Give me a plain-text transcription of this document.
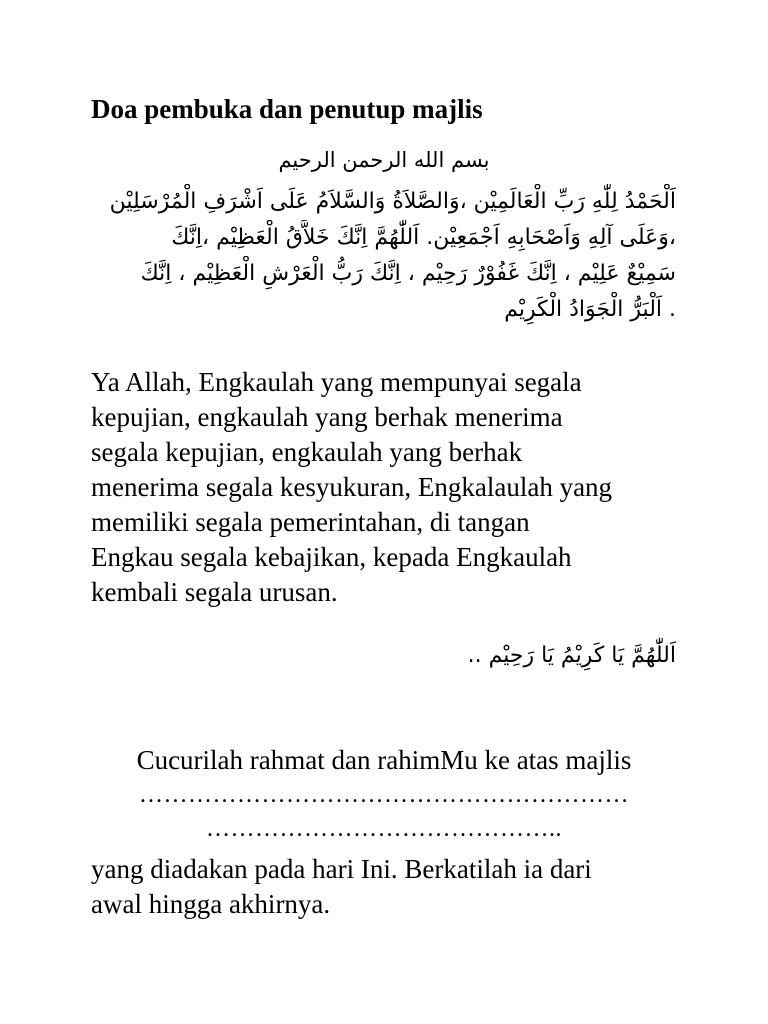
Doa pembuka dan penutup majlis
بسم الله الرحمن الرحيم
اَلْحَمْدُ لِلّٰهِ رَبِّ الْعَالَمِيْن ،وَالصَّلاَةُ وَالسَّلاَمُ عَلَى اَشْرَفِ الْمُرْسَلِيْن
،وَعَلَى آلِهِ وَاَصْحَابِهِ اَجْمَعِيْن. اَللّٰهُمَّ اِنَّكَ خَلاَّقُ الْعَظِيْم ،اِنَّكَ
سَمِيْعٌ عَلِيْم ، اِنَّكَ غَفُوْرٌ رَحِيْم ، اِنَّكَ رَبُّ الْعَرْشِ الْعَظِيْم ، اِنَّكَ
. اَلْبَرُّ الْجَوَادُ الْكَرِيْم
Ya Allah, Engkaulah yang mempunyai segala
kepujian, engkaulah yang berhak menerima
segala kepujian, engkaulah yang berhak
menerima segala kesyukuran, Engkalaulah yang
memiliki segala pemerintahan, di tangan
Engkau segala kebajikan, kepada Engkaulah
kembali segala urusan.
اَللّٰهُمَّ يَا كَرِيْمُ يَا رَحِيْم ..
Cucurilah rahmat dan rahimMu ke atas majlis
……………………………………………………
……………………………………..
yang diadakan pada hari Ini. Berkatilah ia dari
awal hingga akhirnya.
